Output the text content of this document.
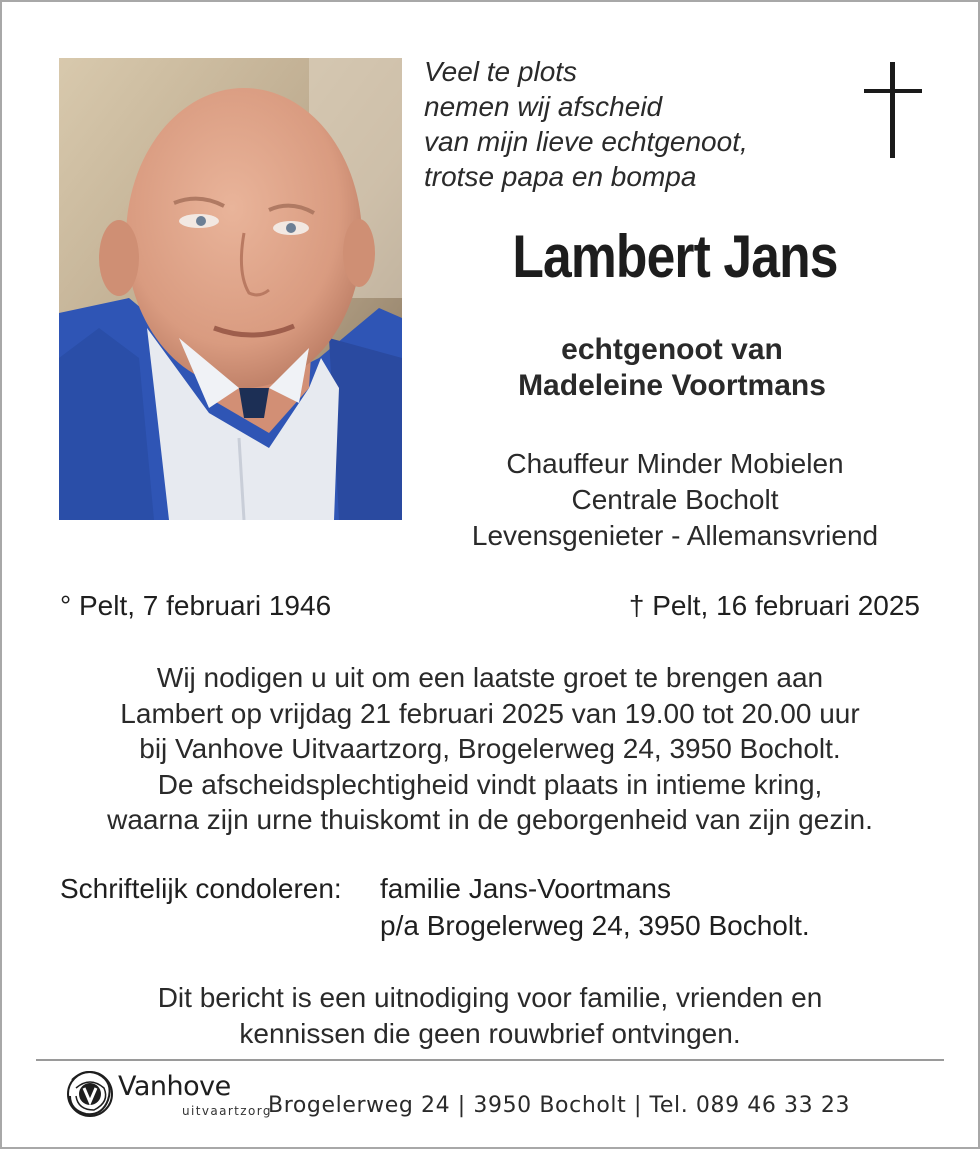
Veel te plots
nemen wij afscheid
van mijn lieve echtgenoot,
trotse papa en bompa
Lambert Jans
echtgenoot van
Madeleine Voortmans
Chauffeur Minder Mobielen
Centrale Bocholt
Levensgenieter - Allemansvriend
° Pelt, 7 februari 1946	† Pelt, 16 februari 2025
Wij nodigen u uit om een laatste groet te brengen aan
Lambert op vrijdag 21 februari 2025 van 19.00 tot 20.00 uur
bij Vanhove Uitvaartzorg, Brogelerweg 24, 3950 Bocholt.
De afscheidsplechtigheid vindt plaats in intieme kring,
waarna zijn urne thuiskomt in de geborgenheid van zijn gezin.
Schriftelijk condoleren: familie Jans-Voortmans
p/a Brogelerweg 24, 3950 Bocholt.
Dit bericht is een uitnodiging voor familie, vrienden en
kennissen die geen rouwbrief ontvingen.
Vanhove
uitvaartzorg
Brogelerweg 24 | 3950 Bocholt | Tel. 089 46 33 23
